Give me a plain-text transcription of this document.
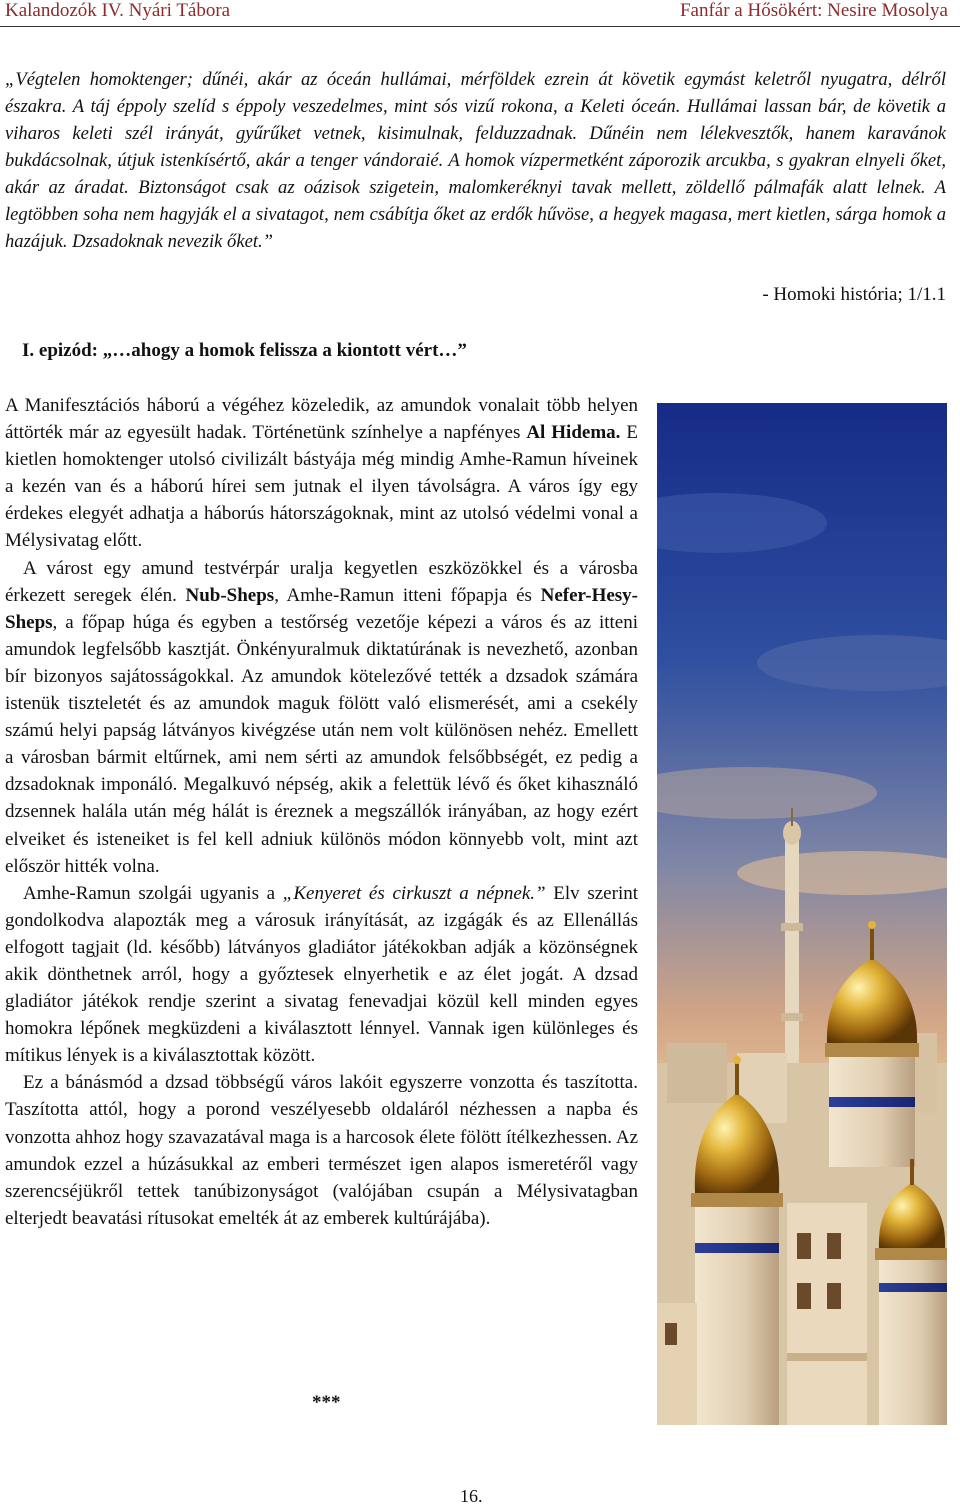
Kalandozók IV. Nyári Tábora	Fanfár a Hősökért: Nesire Mosolya
„Végtelen homoktenger; dűnéi, akár az óceán hullámai, mérföldek ezrein át követik egymást keletről nyugatra, délről északra. A táj éppoly szelíd s éppoly veszedelmes, mint sós vizű rokona, a Keleti óceán. Hullámai lassan bár, de követik a viharos keleti szél irányát, gyűrűket vetnek, kisimulnak, felduzzadnak. Dűnéin nem lélekvesztők, hanem karavánok bukdácsolnak, útjuk istenkísértő, akár a tenger vándoraié. A homok vízpermetként záporozik arcukba, s gyakran elnyeli őket, akár az áradat. Biztonságot csak az oázisok szigetein, malomkeréknyi tavak mellett, zöldellő pálmafák alatt lelnek. A legtöbben soha nem hagyják el a sivatagot, nem csábítja őket az erdők hűvöse, a hegyek magasa, mert kietlen, sárga homok a hazájuk. Dzsadoknak nevezik őket.”
- Homoki história; 1/1.1
I. epizód: „…ahogy a homok felissza a kiontott vért…”

A Manifesztációs háború a végéhez közeledik, az amundok vonalait több helyen áttörték már az egyesült hadak. Történetünk színhelye a napfényes Al Hidema. E kietlen homoktenger utolsó civilizált bástyája még mindig Amhe-Ramun híveinek a kezén van és a háború hírei sem jutnak el ilyen távolságra. A város így egy érdekes elegyét adhatja a háborús hátországoknak, mint az utolsó védelmi vonal a Mélysivatag előtt.

A várost egy amund testvérpár uralja kegyetlen eszközökkel és a városba érkezett seregek élén. Nub-Sheps, Amhe-Ramun itteni főpapja és Nefer-Hesy-Sheps, a főpap húga és egyben a testőrség vezetője képezi a város és az itteni amundok legfelsőbb kasztját. Önkényuralmuk diktatúrának is nevezhető, azonban bír bizonyos sajátosságokkal. Az amundok kötelezővé tették a dzsadok számára istenük tiszteletét és az amundok maguk fölött való elismerését, ami a csekély számú helyi papság látványos kivégzése után nem volt különösen nehéz. Emellett a városban bármit eltűrnek, ami nem sérti az amundok felsőbbségét, ez pedig a dzsadoknak imponáló. Megalkuvó népség, akik a felettük lévő és őket kihasználó dzsennek halála után még hálát is éreznek a megszállók irányában, az hogy ezért elveiket és isteneiket is fel kell adniuk különös módon könnyebb volt, mint azt először hitték volna.

Amhe-Ramun szolgái ugyanis a „Kenyeret és cirkuszt a népnek.” Elv szerint gondolkodva alapozták meg a városuk irányítását, az izgágák és az Ellenállás elfogott tagjait (ld. később) látványos gladiátor játékokban adják a közönségnek akik dönthetnek arról, hogy a győztesek elnyerhetik e az élet jogát. A dzsad gladiátor játékok rendje szerint a sivatag fenevadjai közül kell minden egyes homokra lépőnek megküzdeni a kiválasztott lénnyel. Vannak igen különleges és mítikus lények is a kiválasztottak között.

Ez a bánásmód a dzsad többségű város lakóit egyszerre vonzotta és taszította. Taszította attól, hogy a porond veszélyesebb oldaláról nézhessen a napba és vonzotta ahhoz hogy szavazatával maga is a harcosok élete fölött ítélkezhessen. Az amundok ezzel a húzásukkal az emberi természet igen alapos ismeretéről vagy szerencséjükről tettek tanúbizonyságot (valójában csupán a Mélysivatagban elterjedt beavatási rítusokat emelték át az emberek kultúrájába).

***
16.
